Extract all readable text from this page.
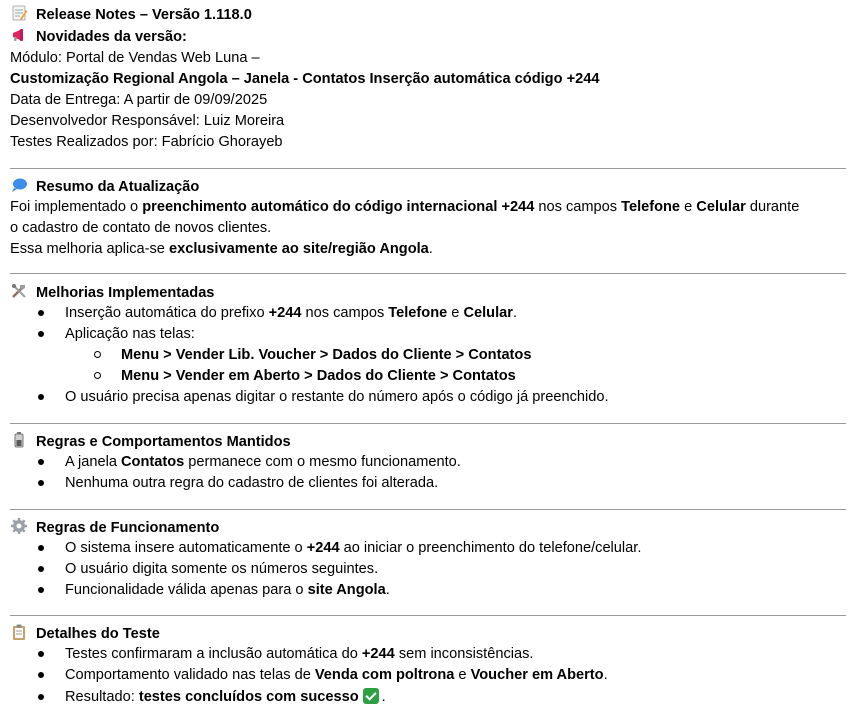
Release Notes – Versão 1.118.0
Novidades da versão:
Módulo: Portal de Vendas Web Luna –
Customização Regional Angola – Janela - Contatos Inserção automática código +244
Data de Entrega: A partir de 09/09/2025
Desenvolvedor Responsável: Luiz Moreira
Testes Realizados por: Fabrício Ghorayeb
Resumo da Atualização
Foi implementado o preenchimento automático do código internacional +244 nos campos Telefone e Celular durante
o cadastro de contato de novos clientes.
Essa melhoria aplica-se exclusivamente ao site/região Angola.
Melhorias Implementadas
Inserção automática do prefixo +244 nos campos Telefone e Celular.
Aplicação nas telas:
Menu > Vender Lib. Voucher > Dados do Cliente > Contatos
Menu > Vender em Aberto > Dados do Cliente > Contatos
O usuário precisa apenas digitar o restante do número após o código já preenchido.
Regras e Comportamentos Mantidos
A janela Contatos permanece com o mesmo funcionamento.
Nenhuma outra regra do cadastro de clientes foi alterada.
Regras de Funcionamento
O sistema insere automaticamente o +244 ao iniciar o preenchimento do telefone/celular.
O usuário digita somente os números seguintes.
Funcionalidade válida apenas para o site Angola.
Detalhes do Teste
Testes confirmaram a inclusão automática do +244 sem inconsistências.
Comportamento validado nas telas de Venda com poltrona e Voucher em Aberto.
Resultado: testes concluídos com sucesso .
